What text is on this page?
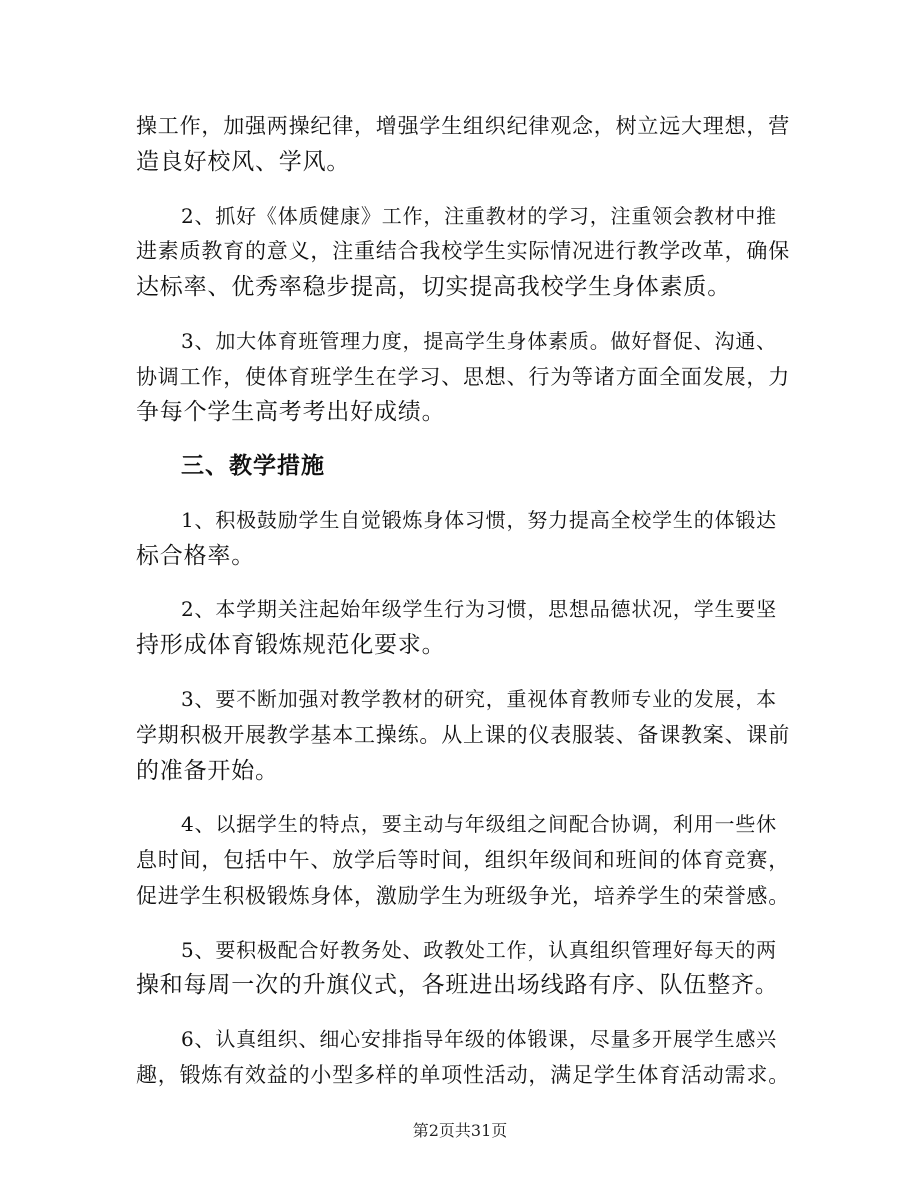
操工作，加强两操纪律，增强学生组织纪律观念，树立远大理想，营
造良好校风、学风。
2、抓好《体质健康》工作，注重教材的学习，注重领会教材中推
进素质教育的意义，注重结合我校学生实际情况进行教学改革，确保
达标率、优秀率稳步提高，切实提高我校学生身体素质。
3、加大体育班管理力度，提高学生身体素质。做好督促、沟通、
协调工作，使体育班学生在学习、思想、行为等诸方面全面发展，力
争每个学生高考考出好成绩。
三、教学措施
1、积极鼓励学生自觉锻炼身体习惯，努力提高全校学生的体锻达
标合格率。
2、本学期关注起始年级学生行为习惯，思想品德状况，学生要坚
持形成体育锻炼规范化要求。
3、要不断加强对教学教材的研究，重视体育教师专业的发展，本
学期积极开展教学基本工操练。从上课的仪表服装、备课教案、课前
的准备开始。
4、以据学生的特点，要主动与年级组之间配合协调，利用一些休
息时间，包括中午、放学后等时间，组织年级间和班间的体育竞赛，
促进学生积极锻炼身体，激励学生为班级争光，培养学生的荣誉感。
5、要积极配合好教务处、政教处工作，认真组织管理好每天的两
操和每周一次的升旗仪式，各班进出场线路有序、队伍整齐。
6、认真组织、细心安排指导年级的体锻课，尽量多开展学生感兴
趣，锻炼有效益的小型多样的单项性活动，满足学生体育活动需求。
第2页共31页
